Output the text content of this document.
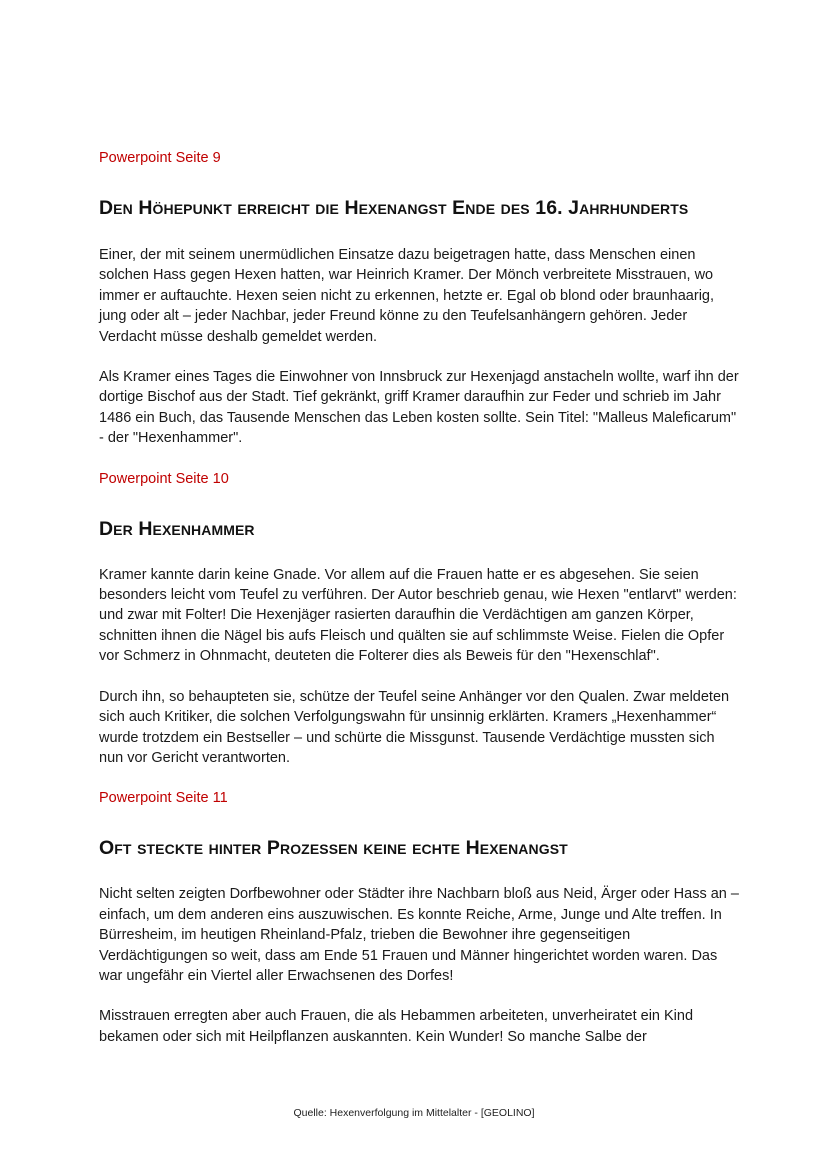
Powerpoint Seite 9

Den Höhepunkt erreicht die Hexenangst Ende des 16. Jahrhunderts

Einer, der mit seinem unermüdlichen Einsatze dazu beigetragen hatte, dass Menschen einen solchen Hass gegen Hexen hatten, war Heinrich Kramer. Der Mönch verbreitete Misstrauen, wo immer er auftauchte. Hexen seien nicht zu erkennen, hetzte er. Egal ob blond oder braunhaarig, jung oder alt – jeder Nachbar, jeder Freund könne zu den Teufelsanhängern gehören. Jeder Verdacht müsse deshalb gemeldet werden.

Als Kramer eines Tages die Einwohner von Innsbruck zur Hexenjagd anstacheln wollte, warf ihn der dortige Bischof aus der Stadt. Tief gekränkt, griff Kramer daraufhin zur Feder und schrieb im Jahr 1486 ein Buch, das Tausende Menschen das Leben kosten sollte. Sein Titel: "Malleus Maleficarum" - der "Hexenhammer".

Powerpoint Seite 10

Der Hexenhammer

Kramer kannte darin keine Gnade. Vor allem auf die Frauen hatte er es abgesehen. Sie seien besonders leicht vom Teufel zu verführen. Der Autor beschrieb genau, wie Hexen "entlarvt" werden: und zwar mit Folter! Die Hexenjäger rasierten daraufhin die Verdächtigen am ganzen Körper, schnitten ihnen die Nägel bis aufs Fleisch und quälten sie auf schlimmste Weise. Fielen die Opfer vor Schmerz in Ohnmacht, deuteten die Folterer dies als Beweis für den "Hexenschlaf".

Durch ihn, so behaupteten sie, schütze der Teufel seine Anhänger vor den Qualen. Zwar meldeten sich auch Kritiker, die solchen Verfolgungswahn für unsinnig erklärten. Kramers „Hexenhammer“ wurde trotzdem ein Bestseller – und schürte die Missgunst. Tausende Verdächtige mussten sich nun vor Gericht verantworten.

Powerpoint Seite 11

Oft steckte hinter Prozessen keine echte Hexenangst

Nicht selten zeigten Dorfbewohner oder Städter ihre Nachbarn bloß aus Neid, Ärger oder Hass an – einfach, um dem anderen eins auszuwischen. Es konnte Reiche, Arme, Junge und Alte treffen. In Bürresheim, im heutigen Rheinland-Pfalz, trieben die Bewohner ihre gegenseitigen Verdächtigungen so weit, dass am Ende 51 Frauen und Männer hingerichtet worden waren. Das war ungefähr ein Viertel aller Erwachsenen des Dorfes!

Misstrauen erregten aber auch Frauen, die als Hebammen arbeiteten, unverheiratet ein Kind bekamen oder sich mit Heilpflanzen auskannten. Kein Wunder! So manche Salbe der

Quelle: Hexenverfolgung im Mittelalter - [GEOLINO]
